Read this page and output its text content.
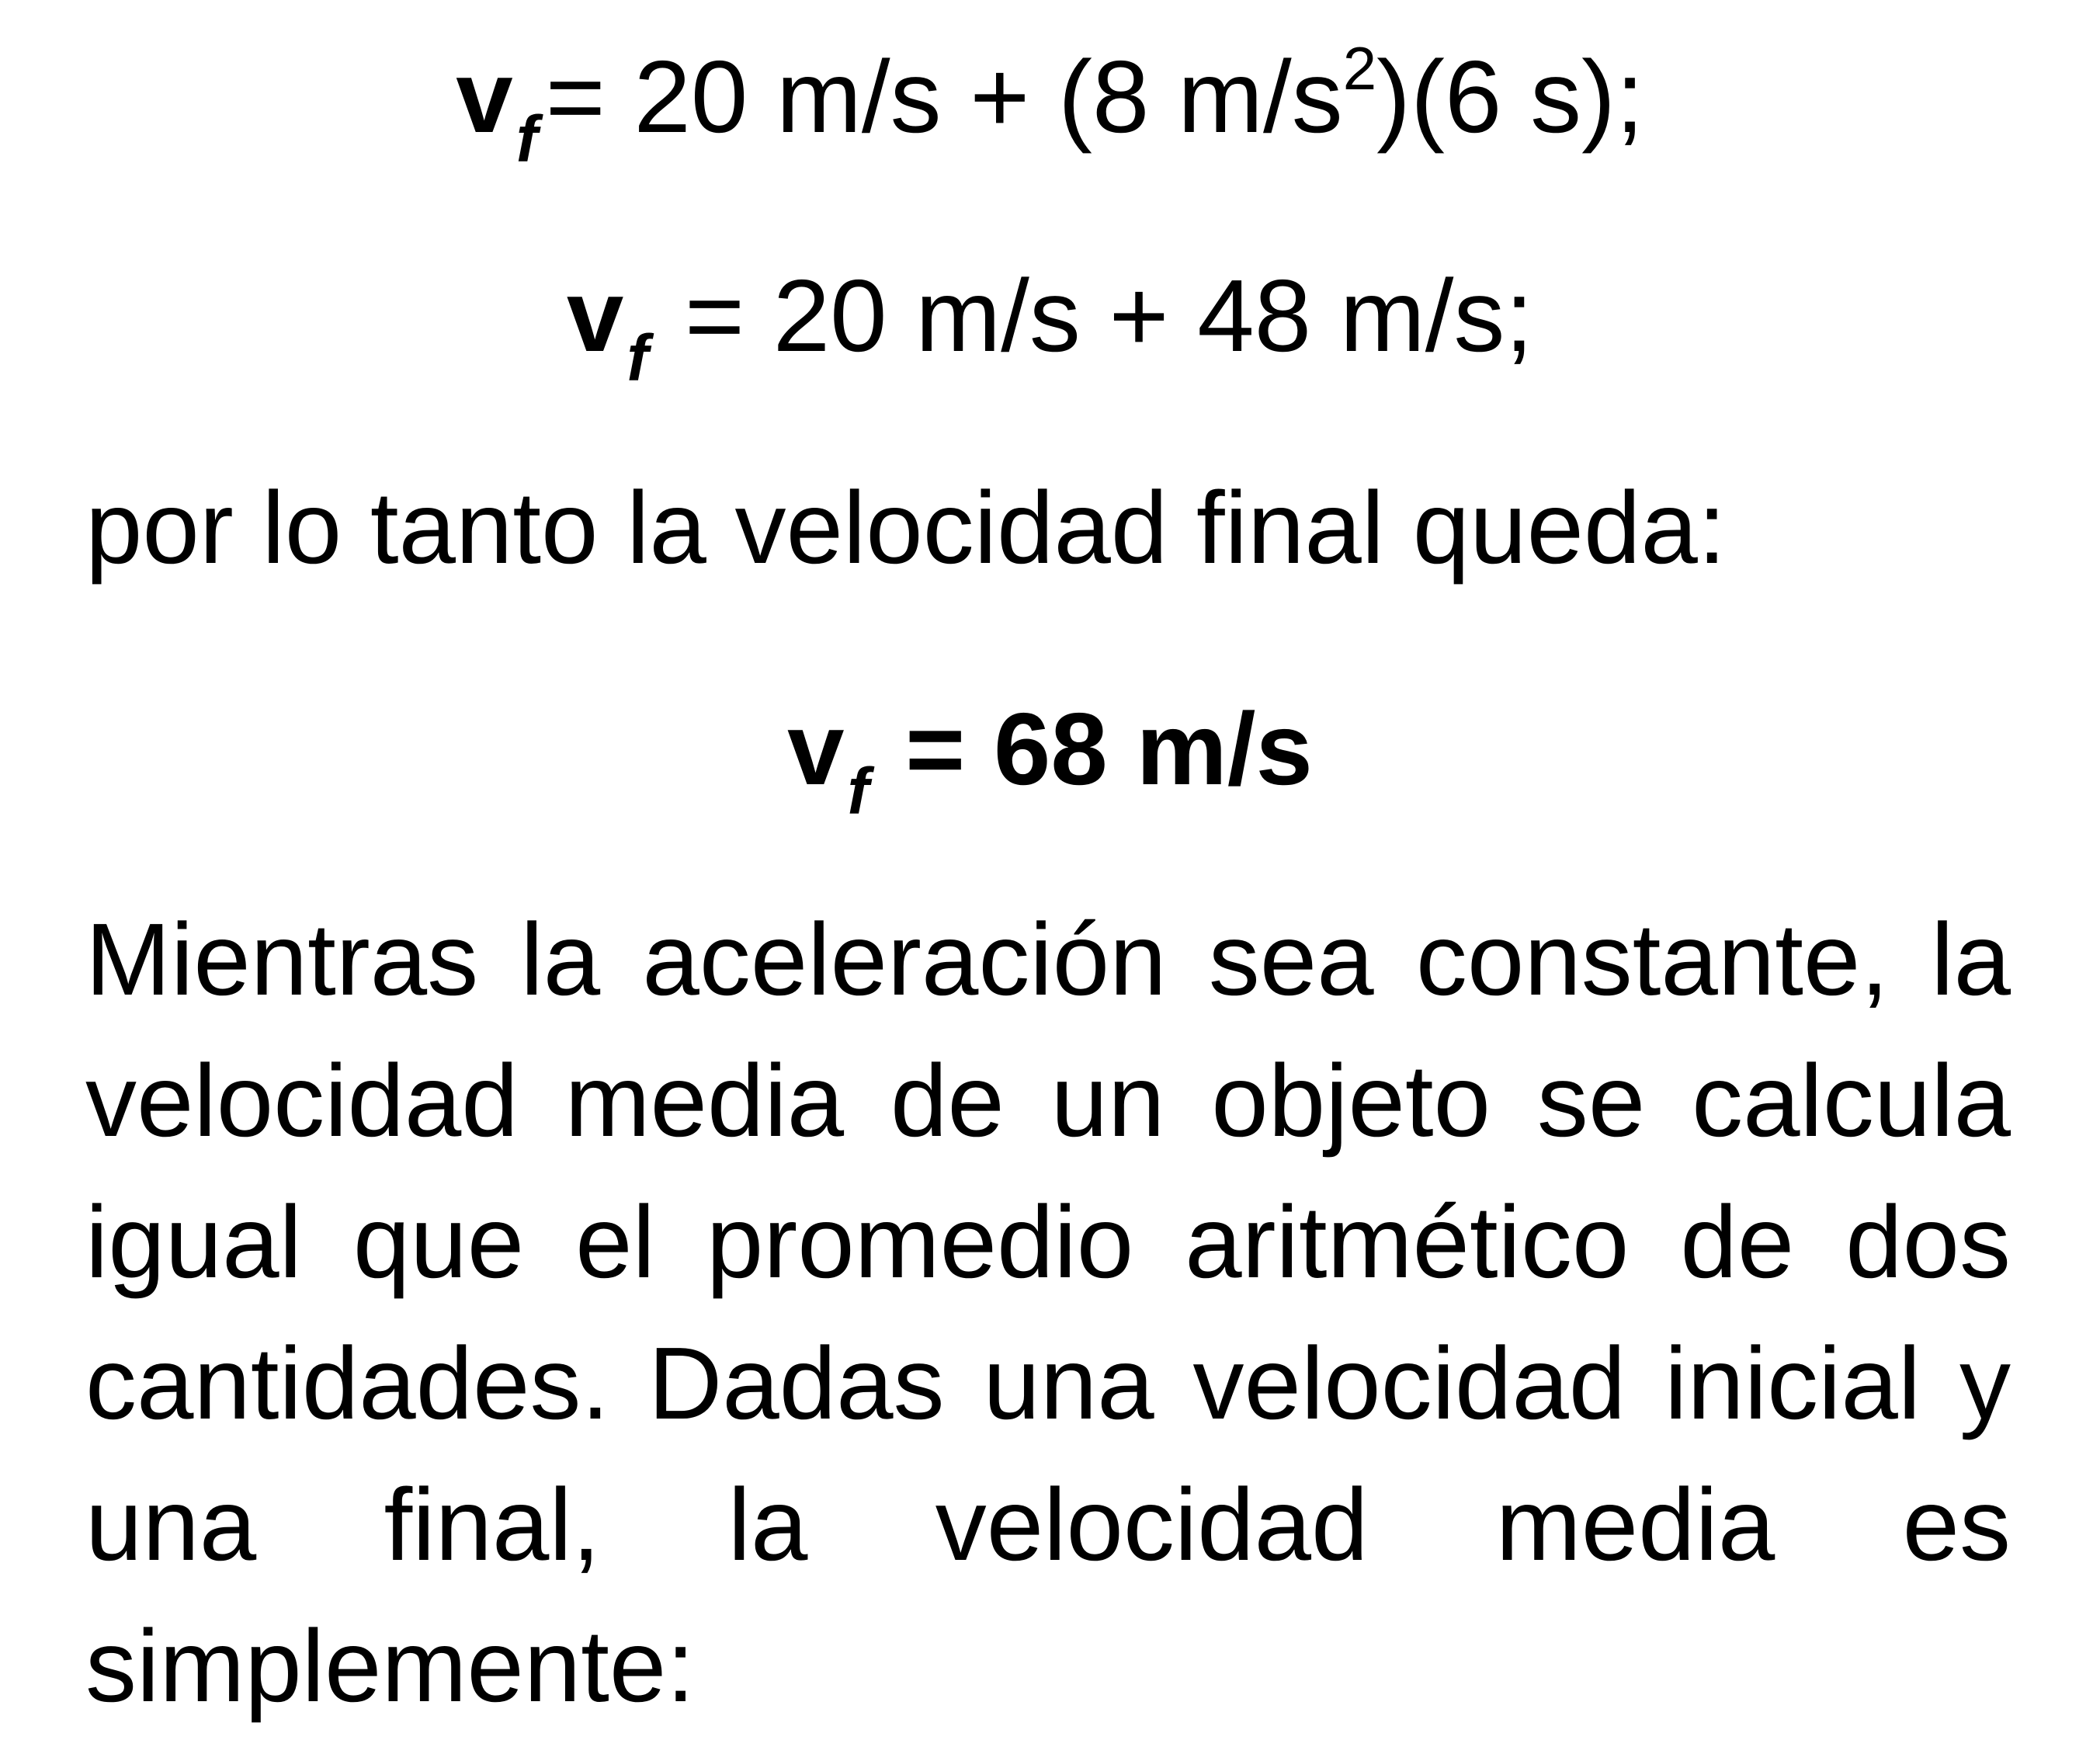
$v_f= 20$ m/s + (8 $m/s^2)(6$ s);
$v_f = 20$ m/s + 48 m/s;
por lo tanto la velocidad final queda:
$v_f = 68$ m/s
Mientras la aceleración sea constante, la velocidad media de un objeto se calcula igual que el promedio aritmético de dos cantidades. Dadas una velocidad inicial y una final, la velocidad media es simplemente:
